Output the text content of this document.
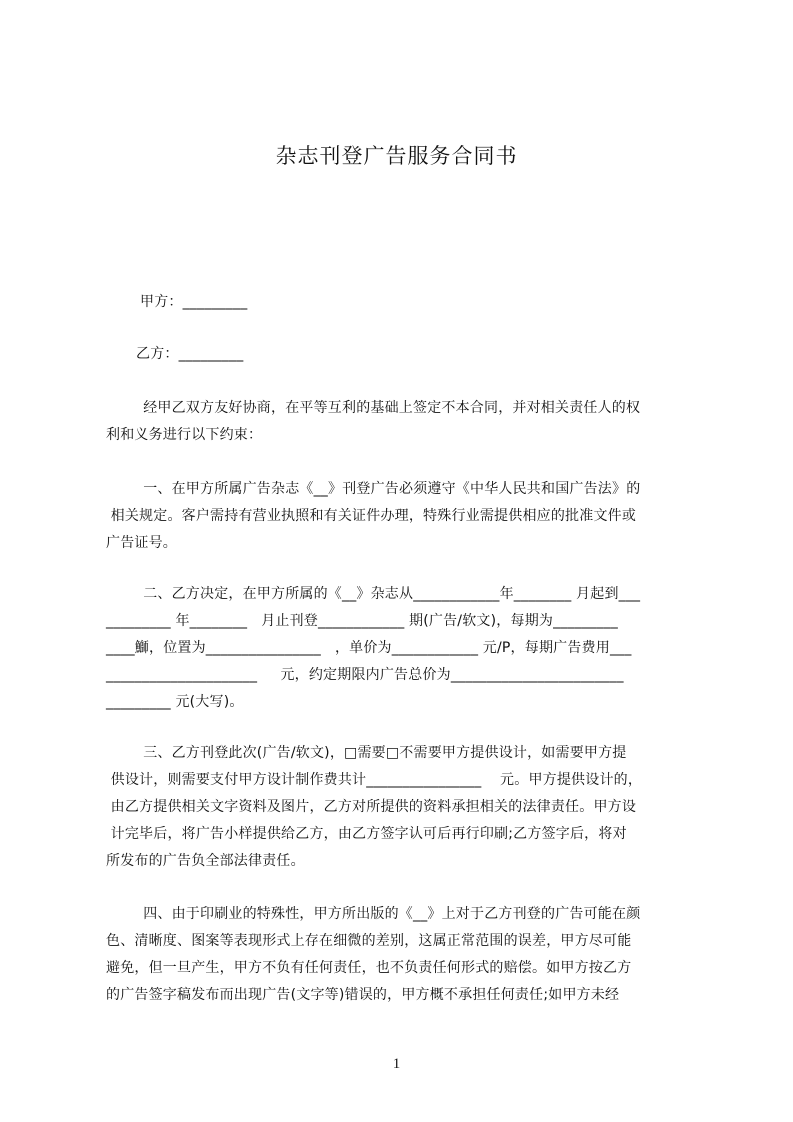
杂志刊登广告服务合同书
甲方：_________
乙方：_________
经甲乙双方友好协商，在平等互利的基础上签定不本合同，并对相关责任人的权
利和义务进行以下约束：
一、在甲方所属广告杂志《__》刊登广告必须遵守《中华人民共和国广告法》的
相关规定。客户需持有营业执照和有关证件办理，特殊行业需提供相应的批准文件或
广告证号。
二、乙方决定，在甲方所属的《__》杂志从____________年________ 月起到___
_________ 年________   月止刊登____________ 期(广告/软文)，每期为_________
____鰤，位置为________________   ，单价为____________ 元/P，每期广告费用___
_____________________     元，约定期限内广告总价为________________________
_________ 元(大写)。
三、乙方刊登此次(广告/软文)，□需要□不需要甲方提供设计，如需要甲方提
供设计，则需要支付甲方设计制作费共计________________    元。甲方提供设计的，
由乙方提供相关文字资料及图片，乙方对所提供的资料承担相关的法律责任。甲方设
计完毕后，将广告小样提供给乙方，由乙方签字认可后再行印刷;乙方签字后，将对
所发布的广告负全部法律责任。
四、由于印刷业的特殊性，甲方所出版的《__》上对于乙方刊登的广告可能在颜
色、清晰度、图案等表现形式上存在细微的差别，这属正常范围的误差，甲方尽可能
避免，但一旦产生，甲方不负有任何责任，也不负责任何形式的赔偿。如甲方按乙方
的广告签字稿发布而出现广告(文字等)错误的，甲方概不承担任何责任;如甲方未经
1
